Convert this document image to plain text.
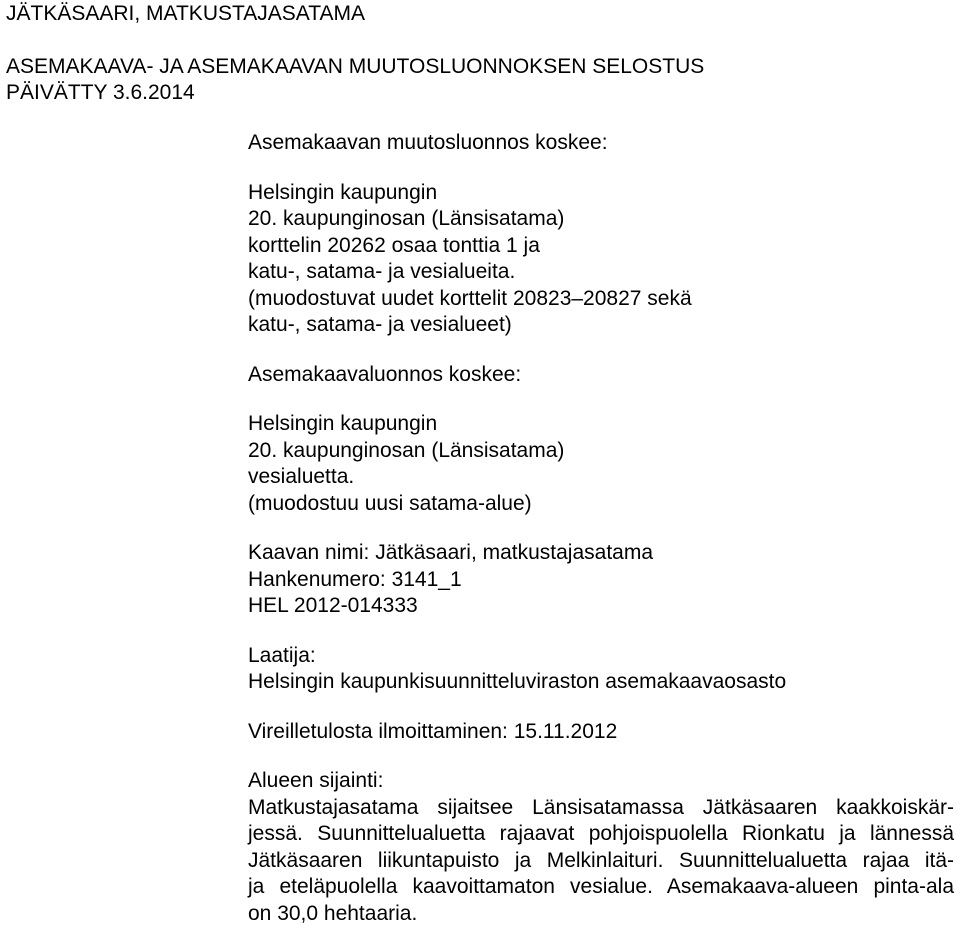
JÄTKÄSAARI, MATKUSTAJASATAMA
ASEMAKAAVA- JA ASEMAKAAVAN MUUTOSLUONNOKSEN SELOSTUS
PÄIVÄTTY 3.6.2014
Asemakaavan muutosluonnos koskee:
Helsingin kaupungin
20. kaupunginosan (Länsisatama)
korttelin 20262 osaa tonttia 1 ja
katu-, satama- ja vesialueita.
(muodostuvat uudet korttelit 20823–20827 sekä
katu-, satama- ja vesialueet)
Asemakaavaluonnos koskee:
Helsingin kaupungin
20. kaupunginosan (Länsisatama)
vesialuetta.
(muodostuu uusi satama-alue)
Kaavan nimi: Jätkäsaari, matkustajasatama
Hankenumero: 3141_1
HEL 2012-014333
Laatija:
Helsingin kaupunkisuunnitteluviraston asemakaavaosasto
Vireilletulosta ilmoittaminen: 15.11.2012
Alueen sijainti:
Matkustajasatama sijaitsee Länsisatamassa Jätkäsaaren kaakkoiskär-
jessä. Suunnittelualuetta rajaavat pohjoispuolella Rionkatu ja lännessä
Jätkäsaaren liikuntapuisto ja Melkinlaituri. Suunnittelualuetta rajaa itä-
ja eteläpuolella kaavoittamaton vesialue. Asemakaava-alueen pinta-ala
on 30,0 hehtaaria.
